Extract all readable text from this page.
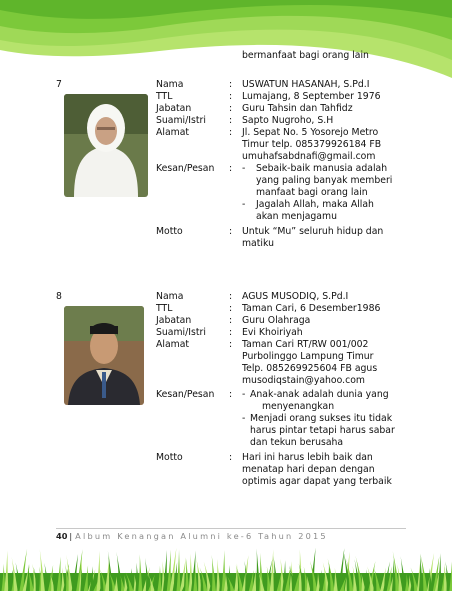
bermanfaat bagi orang lain
7	Nama	: USWATUN HASANAH, S.Pd.I
TTL	: Lumajang, 8 September 1976
Jabatan	: Guru Tahsin dan Tahfidz
Suami/Istri : Sapto Nugroho, S.H
Alamat	: Jl. Sepat No. 5 Yosorejo Metro
Timur telp. 085379926184 FB
umuhafsabdnafi@gmail.com
Kesan/Pesan : - Sebaik-baik manusia adalah
yang paling banyak memberi
manfaat bagi orang lain
- Jagalah Allah, maka Allah
akan menjagamu
Motto	: Untuk “Mu” seluruh hidup dan
matiku
8	Nama	: AGUS MUSODIQ, S.Pd.I
TTL	: Taman Cari, 6 Desember1986
Jabatan	: Guru Olahraga
Suami/Istri : Evi Khoiriyah
Alamat	: Taman Cari RT/RW 001/002
Purbolinggo Lampung Timur
Telp. 085269925604 FB agus
musodiqstain@yahoo.com
Kesan/Pesan : - Anak-anak adalah dunia yang
menyenangkan
- Menjadi orang sukses itu tidak
harus pintar tetapi harus sabar
dan tekun berusaha
Motto	: Hari ini harus lebih baik dan
menatap hari depan dengan
optimis agar dapat yang terbaik
40 | Album Kenangan Alumni ke-6 Tahun 2015
